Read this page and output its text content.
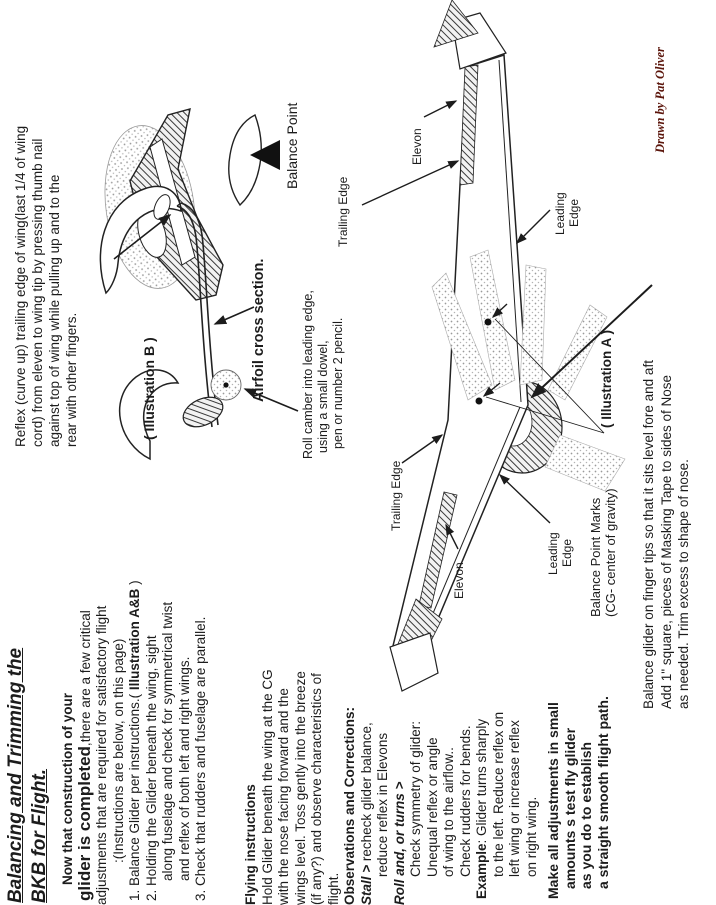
Balancing and Trimming the BKB for Flight. Now that construction of your glider is completed,there are a few critical adjustments that are required for satisfactory flight :(Instructions are below, on this page) 1. Balance Glider per instructions.( Illustration A&B )
2. Holding the Glider beneath the wing, sight along fuselage and check for symmetrical twist and reflex of both left and right wings. 3. Check that rudders and fuselage are parallel.	Flying instructions Hold Glider beneath the wing at the CG with the nose facing forward and the wings level. Toss gently into the breeze (if any?) and observe characteristics of flight. Observations and Corrections: Stall > recheck glider balance, reduce reflex in Elevons Roll and, or turns > Check symmetry of glider: Unequal reflex or angle of wing to the airflow.. Check rudders for bends. Example: Glider turns sharply to the left. Reduce reflex on left wing or increase reflex on right wing. Make all adjustments in small amounts s test fly glider as you do to establish a straight smooth flight path.
Reflex (curve up) trailing edge of wing(last 1/4 of wing cord) from eleven to wing tip by pressing thumb nail against top of wing while pulling up and to the rear with other fingers.	( Illustration B )
Balance Point
Airfoil cross section.	Roll camber into leading edge, using a small dowel, pen or number 2 pencil.
Trailing Edge
Elevon
Leading Edge
Trailing Edge
Elevon
Leading Edge
( Illustration A )
Balance Point Marks (CG- center of gravity) Balance glider on finger tips so that it sits level fore and aft Add 1" square, pieces of Masking Tape to sides of Nose as needed. Trim excess to shape of nose.
Drawn by Pat Oliver
